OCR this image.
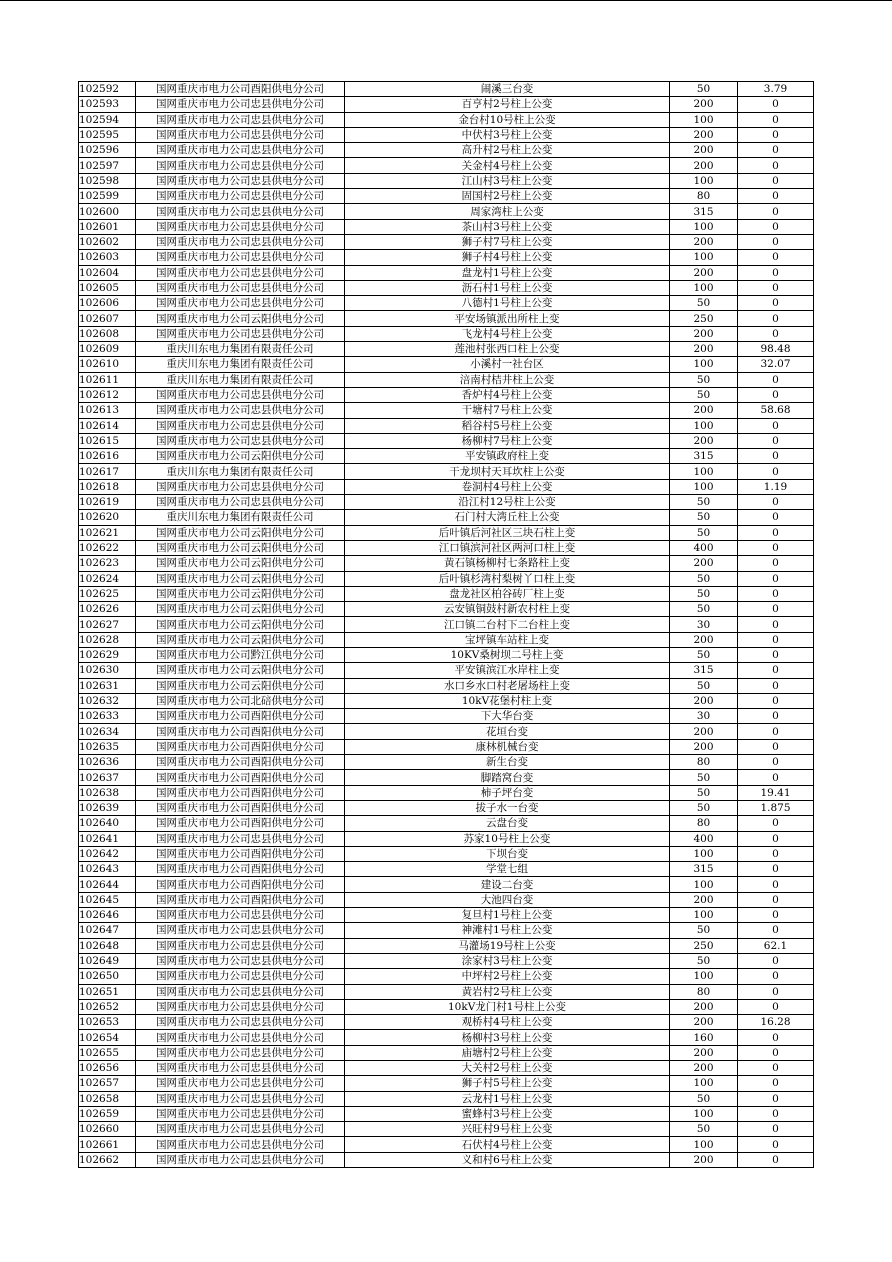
102592	国网重庆市电力公司酉阳供电分公司	闹溪三台变	50	3.79
102593	国网重庆市电力公司忠县供电分公司	百亨村2号柱上公变	200	0
102594	国网重庆市电力公司忠县供电分公司	金台村10号柱上公变	100	0
102595	国网重庆市电力公司忠县供电分公司	中伏村3号柱上公变	200	0
102596	国网重庆市电力公司忠县供电分公司	高升村2号柱上公变	200	0
102597	国网重庆市电力公司忠县供电分公司	关金村4号柱上公变	200	0
102598	国网重庆市电力公司忠县供电分公司	江山村3号柱上公变	100	0
102599	国网重庆市电力公司忠县供电分公司	固国村2号柱上公变	80	0
102600	国网重庆市电力公司忠县供电分公司	周家湾柱上公变	315	0
102601	国网重庆市电力公司忠县供电分公司	茶山村3号柱上公变	100	0
102602	国网重庆市电力公司忠县供电分公司	狮子村7号柱上公变	200	0
102603	国网重庆市电力公司忠县供电分公司	狮子村4号柱上公变	100	0
102604	国网重庆市电力公司忠县供电分公司	盘龙村1号柱上公变	200	0
102605	国网重庆市电力公司忠县供电分公司	沥石村1号柱上公变	100	0
102606	国网重庆市电力公司忠县供电分公司	八德村1号柱上公变	50	0
102607	国网重庆市电力公司云阳供电分公司	平安场镇派出所柱上变	250	0
102608	国网重庆市电力公司忠县供电分公司	飞龙村4号柱上公变	200	0
102609	重庆川东电力集团有限责任公司	莲池村张西口柱上公变	200	98.48
102610	重庆川东电力集团有限责任公司	小溪村一社台区	100	32.07
102611	重庆川东电力集团有限责任公司	涪南村桔井柱上公变	50	0
102612	国网重庆市电力公司忠县供电分公司	香炉村4号柱上公变	50	0
102613	国网重庆市电力公司忠县供电分公司	干塘村7号柱上公变	200	58.68
102614	国网重庆市电力公司忠县供电分公司	稻谷村5号柱上公变	100	0
102615	国网重庆市电力公司忠县供电分公司	杨柳村7号柱上公变	200	0
102616	国网重庆市电力公司云阳供电分公司	平安镇政府柱上变	315	0
102617	重庆川东电力集团有限责任公司	干龙坝村天耳坎柱上公变	100	0
102618	国网重庆市电力公司忠县供电分公司	卷洞村4号柱上公变	100	1.19
102619	国网重庆市电力公司忠县供电分公司	沿江村12号柱上公变	50	0
102620	重庆川东电力集团有限责任公司	石门村大湾丘柱上公变	50	0
102621	国网重庆市电力公司云阳供电分公司	后叶镇后河社区三块石柱上变	50	0
102622	国网重庆市电力公司云阳供电分公司	江口镇滨河社区两河口柱上变	400	0
102623	国网重庆市电力公司云阳供电分公司	黄石镇杨柳村七条路柱上变	200	0
102624	国网重庆市电力公司云阳供电分公司	后叶镇杉湾村梨树丫口柱上变	50	0
102625	国网重庆市电力公司云阳供电分公司	盘龙社区柏谷砖厂柱上变	50	0
102626	国网重庆市电力公司云阳供电分公司	云安镇铜鼓村新农村柱上变	50	0
102627	国网重庆市电力公司云阳供电分公司	江口镇二台村下二台柱上变	30	0
102628	国网重庆市电力公司云阳供电分公司	宝坪镇车站柱上变	200	0
102629	国网重庆市电力公司黔江供电分公司	10KV桑树坝二号柱上变	50	0
102630	国网重庆市电力公司云阳供电分公司	平安镇滨江水岸柱上变	315	0
102631	国网重庆市电力公司云阳供电分公司	水口乡水口村老屠场柱上变	50	0
102632	国网重庆市电力公司北碚供电分公司	10kV花堡村柱上变	200	0
102633	国网重庆市电力公司酉阳供电分公司	下大华台变	30	0
102634	国网重庆市电力公司酉阳供电分公司	花垣台变	200	0
102635	国网重庆市电力公司酉阳供电分公司	康林机械台变	200	0
102636	国网重庆市电力公司酉阳供电分公司	新生台变	80	0
102637	国网重庆市电力公司酉阳供电分公司	脚踏窝台变	50	0
102638	国网重庆市电力公司酉阳供电分公司	柿子坪台变	50	19.41
102639	国网重庆市电力公司酉阳供电分公司	拔子水一台变	50	1.875
102640	国网重庆市电力公司酉阳供电分公司	云盘台变	80	0
102641	国网重庆市电力公司忠县供电分公司	苏家10号柱上公变	400	0
102642	国网重庆市电力公司酉阳供电分公司	下坝台变	100	0
102643	国网重庆市电力公司酉阳供电分公司	学堂七组	315	0
102644	国网重庆市电力公司酉阳供电分公司	建设二台变	100	0
102645	国网重庆市电力公司酉阳供电分公司	大池四台变	200	0
102646	国网重庆市电力公司忠县供电分公司	复旦村1号柱上公变	100	0
102647	国网重庆市电力公司忠县供电分公司	神滩村1号柱上公变	50	0
102648	国网重庆市电力公司忠县供电分公司	马灌场19号柱上公变	250	62.1
102649	国网重庆市电力公司忠县供电分公司	涂家村3号柱上公变	50	0
102650	国网重庆市电力公司忠县供电分公司	中坪村2号柱上公变	100	0
102651	国网重庆市电力公司忠县供电分公司	黄岩村2号柱上公变	80	0
102652	国网重庆市电力公司忠县供电分公司	10kV龙门村1号柱上公变	200	0
102653	国网重庆市电力公司忠县供电分公司	观桥村4号柱上公变	200	16.28
102654	国网重庆市电力公司忠县供电分公司	杨柳村3号柱上公变	160	0
102655	国网重庆市电力公司忠县供电分公司	庙塘村2号柱上公变	200	0
102656	国网重庆市电力公司忠县供电分公司	大关村2号柱上公变	200	0
102657	国网重庆市电力公司忠县供电分公司	狮子村5号柱上公变	100	0
102658	国网重庆市电力公司忠县供电分公司	云龙村1号柱上公变	50	0
102659	国网重庆市电力公司忠县供电分公司	蜜蜂村3号柱上公变	100	0
102660	国网重庆市电力公司忠县供电分公司	兴旺村9号柱上公变	50	0
102661	国网重庆市电力公司忠县供电分公司	石伏村4号柱上公变	100	0
102662	国网重庆市电力公司忠县供电分公司	义和村6号柱上公变	200	0
